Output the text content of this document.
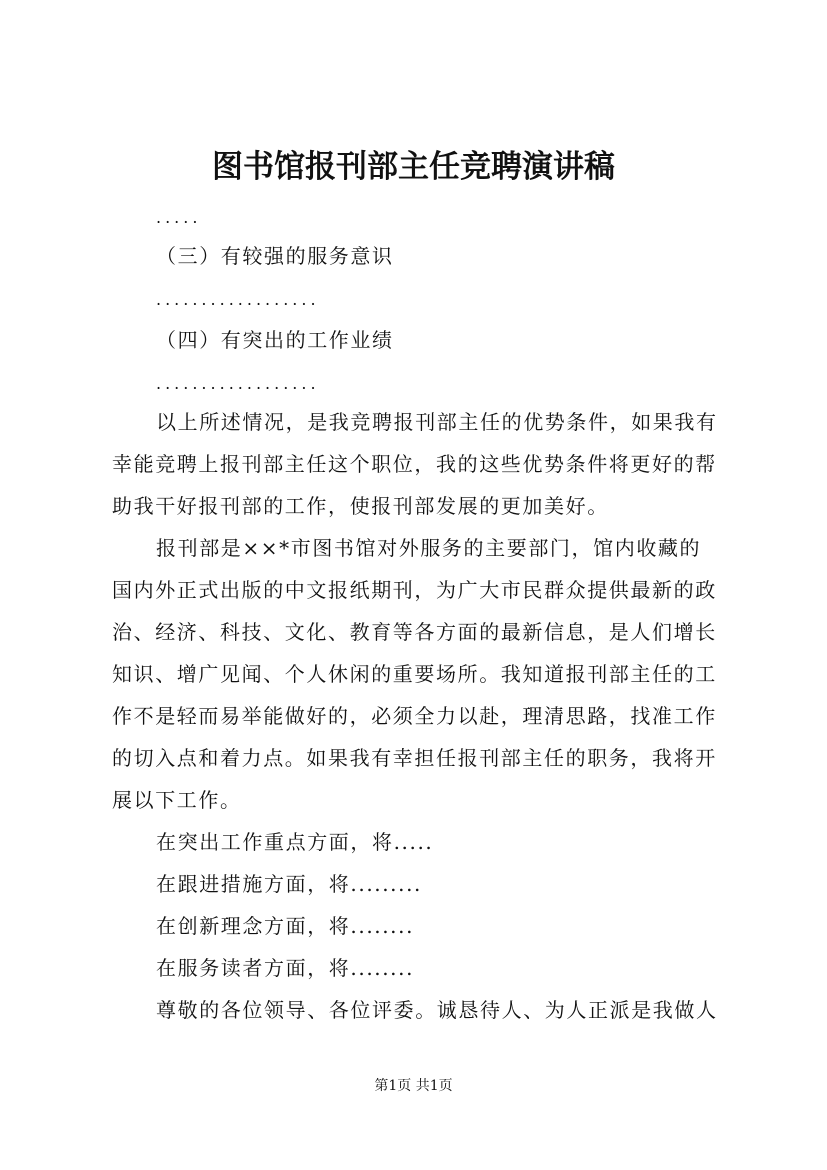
图书馆报刊部主任竞聘演讲稿
.....
（三）有较强的服务意识
..................
（四）有突出的工作业绩
..................
以上所述情况，是我竞聘报刊部主任的优势条件，如果我有
幸能竞聘上报刊部主任这个职位，我的这些优势条件将更好的帮
助我干好报刊部的工作，使报刊部发展的更加美好。
报刊部是××*市图书馆对外服务的主要部门，馆内收藏的
国内外正式出版的中文报纸期刊，为广大市民群众提供最新的政
治、经济、科技、文化、教育等各方面的最新信息，是人们增长
知识、增广见闻、个人休闲的重要场所。我知道报刊部主任的工
作不是轻而易举能做好的，必须全力以赴，理清思路，找准工作
的切入点和着力点。如果我有幸担任报刊部主任的职务，我将开
展以下工作。
在突出工作重点方面，将.....
在跟进措施方面，将.........
在创新理念方面，将........
在服务读者方面，将........
尊敬的各位领导、各位评委。诚恳待人、为人正派是我做人
第1页 共1页
